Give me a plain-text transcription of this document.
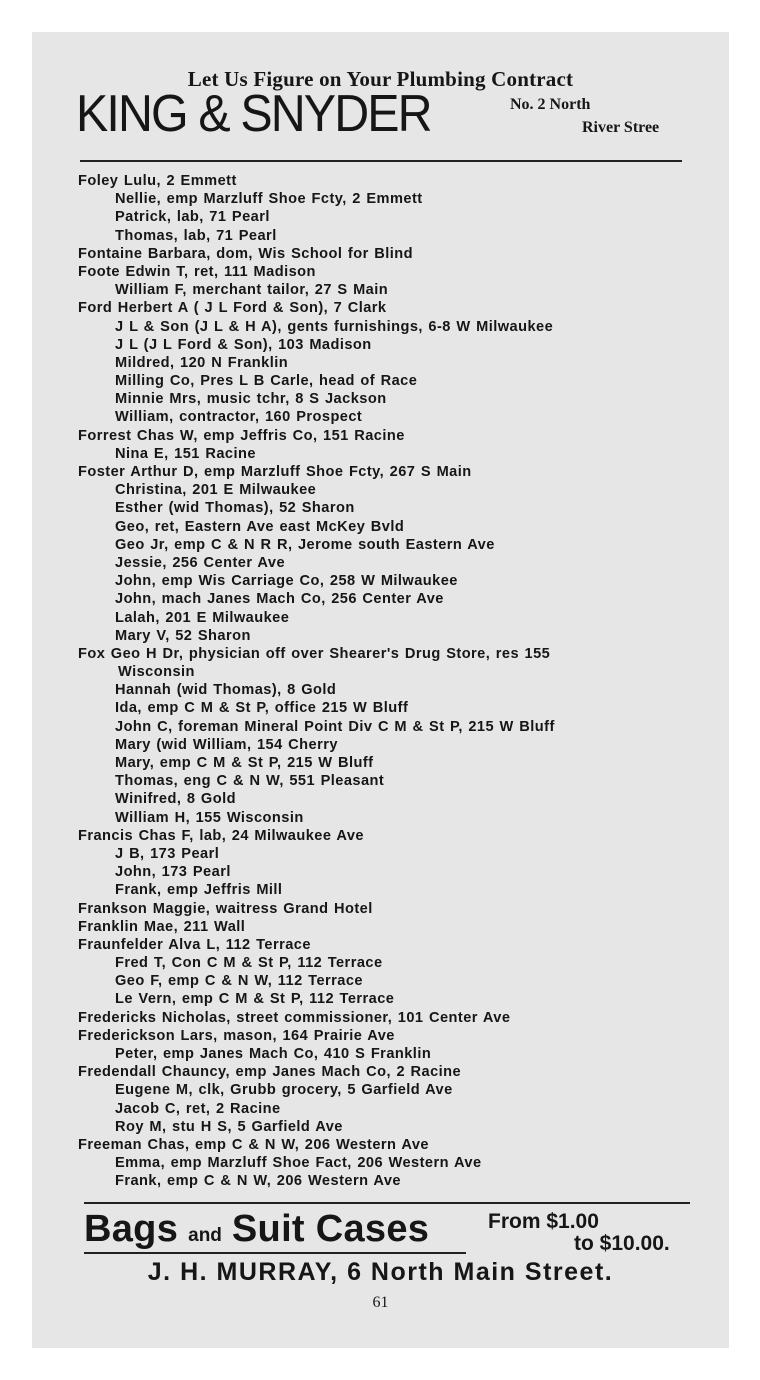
Let Us Figure on Your Plumbing Contract
KING & SNYDER	No. 2 North
River Stree
Foley Lulu, 2 Emmett
Nellie, emp Marzluff Shoe Fcty, 2 Emmett
Patrick, lab, 71 Pearl
Thomas, lab, 71 Pearl
Fontaine Barbara, dom, Wis School for Blind
Foote Edwin T, ret, 111 Madison
William F, merchant tailor, 27 S Main
Ford Herbert A ( J L Ford & Son), 7 Clark
J L & Son (J L & H A), gents furnishings, 6-8 W Milwaukee
J L (J L Ford & Son), 103 Madison
Mildred, 120 N Franklin
Milling Co, Pres L B Carle, head of Race
Minnie Mrs, music tchr, 8 S Jackson
William, contractor, 160 Prospect
Forrest Chas W, emp Jeffris Co, 151 Racine
Nina E, 151 Racine
Foster Arthur D, emp Marzluff Shoe Fcty, 267 S Main
Christina, 201 E Milwaukee
Esther (wid Thomas), 52 Sharon
Geo, ret, Eastern Ave east McKey Bvld
Geo Jr, emp C & N R R, Jerome south Eastern Ave
Jessie, 256 Center Ave
John, emp Wis Carriage Co, 258 W Milwaukee
John, mach Janes Mach Co, 256 Center Ave
Lalah, 201 E Milwaukee
Mary V, 52 Sharon
Fox Geo H Dr, physician off over Shearer's Drug Store, res 155
Wisconsin
Hannah (wid Thomas), 8 Gold
Ida, emp C M & St P, office 215 W Bluff
John C, foreman Mineral Point Div C M & St P, 215 W Bluff
Mary (wid William, 154 Cherry
Mary, emp C M & St P, 215 W Bluff
Thomas, eng C & N W, 551 Pleasant
Winifred, 8 Gold
William H, 155 Wisconsin
Francis Chas F, lab, 24 Milwaukee Ave
J B, 173 Pearl
John, 173 Pearl
Frank, emp Jeffris Mill
Frankson Maggie, waitress Grand Hotel
Franklin Mae, 211 Wall
Fraunfelder Alva L, 112 Terrace
Fred T, Con C M & St P, 112 Terrace
Geo F, emp C & N W, 112 Terrace
Le Vern, emp C M & St P, 112 Terrace
Fredericks Nicholas, street commissioner, 101 Center Ave
Frederickson Lars, mason, 164 Prairie Ave
Peter, emp Janes Mach Co, 410 S Franklin
Fredendall Chauncy, emp Janes Mach Co, 2 Racine
Eugene M, clk, Grubb grocery, 5 Garfield Ave
Jacob C, ret, 2 Racine
Roy M, stu H S, 5 Garfield Ave
Freeman Chas, emp C & N W, 206 Western Ave
Emma, emp Marzluff Shoe Fact, 206 Western Ave
Frank, emp C & N W, 206 Western Ave
Bags and Suit Cases	From $1.00
to $10.00.
J. H. MURRAY, 6 North Main Street.
61
